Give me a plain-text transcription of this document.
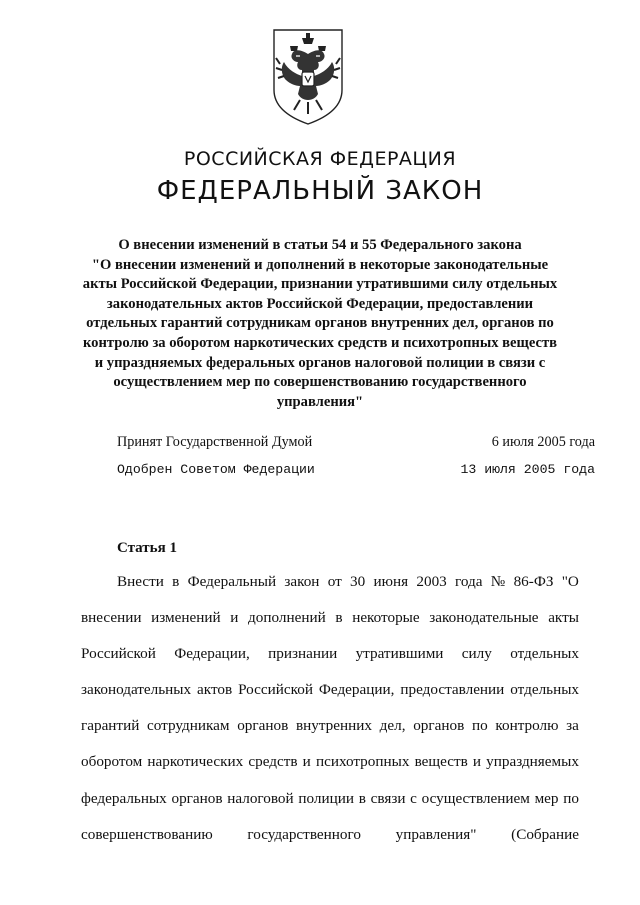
РОССИЙСКАЯ ФЕДЕРАЦИЯ
ФЕДЕРАЛЬНЫЙ ЗАКОН
О внесении изменений в статьи 54 и 55 Федерального закона
"О внесении изменений и дополнений в некоторые законодательные
акты Российской Федерации, признании утратившими силу отдельных
законодательных актов Российской Федерации, предоставлении
отдельных гарантий сотрудникам органов внутренних дел, органов по
контролю за оборотом наркотических средств и психотропных веществ
и упраздняемых федеральных органов налоговой полиции в связи с
осуществлением мер по совершенствованию государственного
управления"
Принят Государственной Думой	6 июля 2005 года
Одобрен Советом Федерации	13 июля 2005 года
Статья 1
Внести в Федеральный закон от 30 июня 2003 года № 86-ФЗ "О
внесении изменений и дополнений в некоторые законодательные акты
Российской Федерации, признании утратившими силу отдельных
законодательных актов Российской Федерации, предоставлении отдельных
гарантий сотрудникам органов внутренних дел, органов по контролю за
оборотом наркотических средств и психотропных веществ и упраздняемых
федеральных органов налоговой полиции в связи с осуществлением мер по
совершенствованию государственного управления" (Собрание
